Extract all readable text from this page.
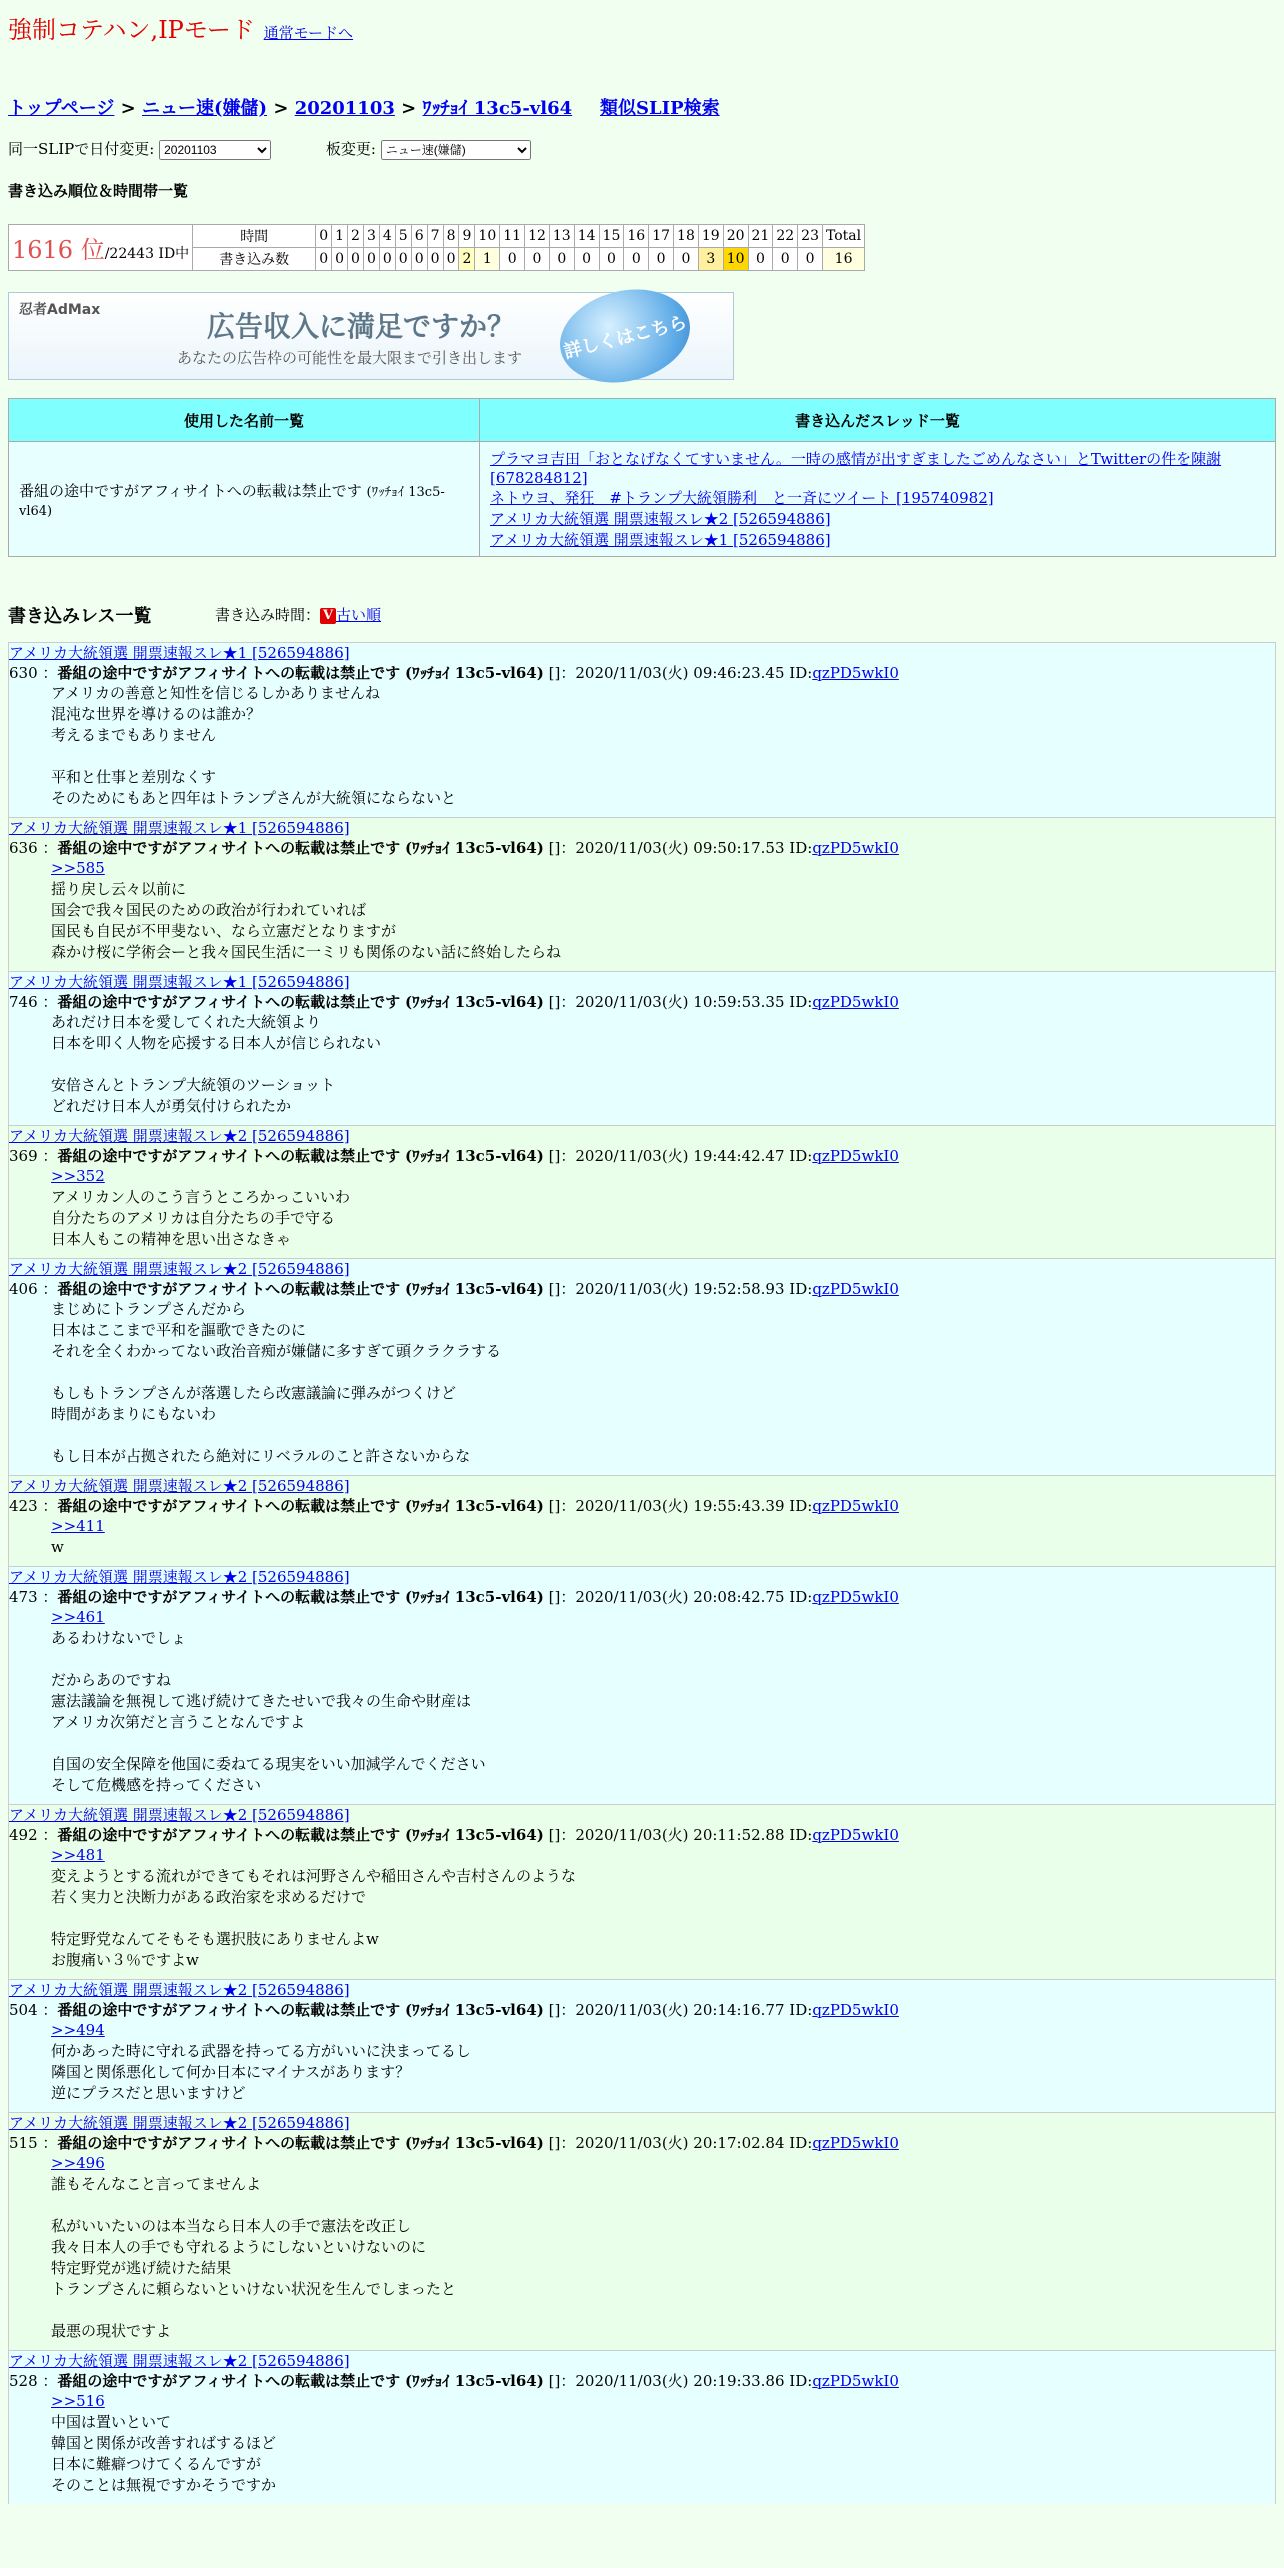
強制コテハン,IPモード 通常モードへ
トップページ > ニュー速(嫌儲) > 20201103 > ﾜｯﾁｮｲ 13c5-vl64 類似SLIP検索
同一SLIPで日付変更:
20201103	板変更:
ニュー速(嫌儲)
書き込み順位＆時間帯一覧
1616 位/22443 ID中	時間	0	1	2	3	4	5	6	7	8	9	10	11	12	13	14	15	16	17	18	19	20	21	22	23	Total
	書き込み数	0	0	0	0	0	0	0	0	0	2	1	0	0	0	0	0	0	0	0	3	10	0	0	0	16
忍者AdMax	広告収入に満足ですか？
あなたの広告枠の可能性を最大限まで引き出します	詳しくはこちら
使用した名前一覧	書き込んだスレッド一覧
番組の途中ですがアフィサイトへの転載は禁止です (ﾜｯﾁｮｲ 13c5-vl64)	プラマヨ吉田「おとなげなくてすいません。一時の感情が出すぎましたごめんなさい」とTwitterの件を陳謝 [678284812]
ネトウヨ、発狂　#トランプ大統領勝利　と一斉にツイート [195740982]
アメリカ大統領選 開票速報スレ★2 [526594886]
アメリカ大統領選 開票速報スレ★1 [526594886]
書き込みレス一覧	書き込み時間： V 古い順
アメリカ大統領選 開票速報スレ★1 [526594886]
630 ：番組の途中ですがアフィサイトへの転載は禁止です (ﾜｯﾁｮｲ 13c5-vl64) []：2020/11/03(火) 09:46:23.45 ID:qzPD5wkI0
アメリカの善意と知性を信じるしかありませんね
混沌な世界を導けるのは誰か？
考えるまでもありません
平和と仕事と差別なくす
そのためにもあと四年はトランプさんが大統領にならないと
アメリカ大統領選 開票速報スレ★1 [526594886]
636 ：番組の途中ですがアフィサイトへの転載は禁止です (ﾜｯﾁｮｲ 13c5-vl64) []：2020/11/03(火) 09:50:17.53 ID:qzPD5wkI0
>>585
揺り戻し云々以前に
国会で我々国民のための政治が行われていれば
国民も自民が不甲斐ない、なら立憲だとなりますが
森かけ桜に学術会ーと我々国民生活に一ミリも関係のない話に終始したらね
アメリカ大統領選 開票速報スレ★1 [526594886]
746 ：番組の途中ですがアフィサイトへの転載は禁止です (ﾜｯﾁｮｲ 13c5-vl64) []：2020/11/03(火) 10:59:53.35 ID:qzPD5wkI0
あれだけ日本を愛してくれた大統領より
日本を叩く人物を応援する日本人が信じられない
安倍さんとトランプ大統領のツーショット
どれだけ日本人が勇気付けられたか
アメリカ大統領選 開票速報スレ★2 [526594886]
369 ：番組の途中ですがアフィサイトへの転載は禁止です (ﾜｯﾁｮｲ 13c5-vl64) []：2020/11/03(火) 19:44:42.47 ID:qzPD5wkI0
>>352
アメリカン人のこう言うところかっこいいわ
自分たちのアメリカは自分たちの手で守る
日本人もこの精神を思い出さなきゃ
アメリカ大統領選 開票速報スレ★2 [526594886]
406 ：番組の途中ですがアフィサイトへの転載は禁止です (ﾜｯﾁｮｲ 13c5-vl64) []：2020/11/03(火) 19:52:58.93 ID:qzPD5wkI0
まじめにトランプさんだから
日本はここまで平和を謳歌できたのに
それを全くわかってない政治音痴が嫌儲に多すぎて頭クラクラする
もしもトランプさんが落選したら改憲議論に弾みがつくけど
時間があまりにもないわ
もし日本が占拠されたら絶対にリベラルのこと許さないからな
アメリカ大統領選 開票速報スレ★2 [526594886]
423 ：番組の途中ですがアフィサイトへの転載は禁止です (ﾜｯﾁｮｲ 13c5-vl64) []：2020/11/03(火) 19:55:43.39 ID:qzPD5wkI0
>>411
w
アメリカ大統領選 開票速報スレ★2 [526594886]
473 ：番組の途中ですがアフィサイトへの転載は禁止です (ﾜｯﾁｮｲ 13c5-vl64) []：2020/11/03(火) 20:08:42.75 ID:qzPD5wkI0
>>461
あるわけないでしょ
だからあのですね
憲法議論を無視して逃げ続けてきたせいで我々の生命や財産は
アメリカ次第だと言うことなんですよ
自国の安全保障を他国に委ねてる現実をいい加減学んでください
そして危機感を持ってください
アメリカ大統領選 開票速報スレ★2 [526594886]
492 ：番組の途中ですがアフィサイトへの転載は禁止です (ﾜｯﾁｮｲ 13c5-vl64) []：2020/11/03(火) 20:11:52.88 ID:qzPD5wkI0
>>481
変えようとする流れができてもそれは河野さんや稲田さんや吉村さんのような
若く実力と決断力がある政治家を求めるだけで
特定野党なんてそもそも選択肢にありませんよw
お腹痛い３％ですよw
アメリカ大統領選 開票速報スレ★2 [526594886]
504 ：番組の途中ですがアフィサイトへの転載は禁止です (ﾜｯﾁｮｲ 13c5-vl64) []：2020/11/03(火) 20:14:16.77 ID:qzPD5wkI0
>>494
何かあった時に守れる武器を持ってる方がいいに決まってるし
隣国と関係悪化して何か日本にマイナスがあります？
逆にプラスだと思いますけど
アメリカ大統領選 開票速報スレ★2 [526594886]
515 ：番組の途中ですがアフィサイトへの転載は禁止です (ﾜｯﾁｮｲ 13c5-vl64) []：2020/11/03(火) 20:17:02.84 ID:qzPD5wkI0
>>496
誰もそんなこと言ってませんよ
私がいいたいのは本当なら日本人の手で憲法を改正し
我々日本人の手でも守れるようにしないといけないのに
特定野党が逃げ続けた結果
トランプさんに頼らないといけない状況を生んでしまったと
最悪の現状ですよ
アメリカ大統領選 開票速報スレ★2 [526594886]
528 ：番組の途中ですがアフィサイトへの転載は禁止です (ﾜｯﾁｮｲ 13c5-vl64) []：2020/11/03(火) 20:19:33.86 ID:qzPD5wkI0
>>516
中国は置いといて
韓国と関係が改善すればするほど
日本に難癖つけてくるんですが
そのことは無視ですかそうですか
